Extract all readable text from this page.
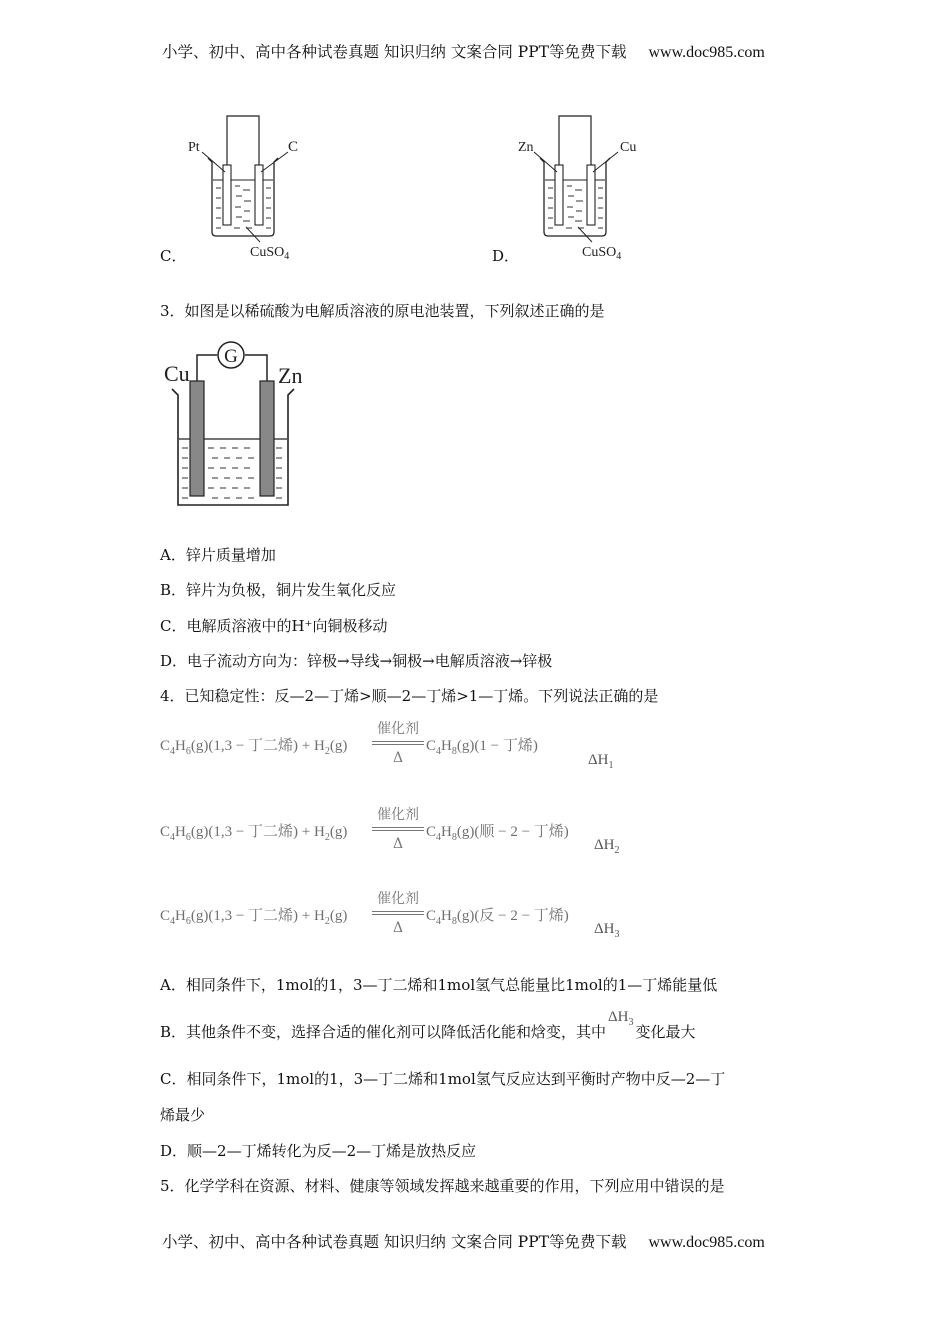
小学、初中、高中各种试卷真题 知识归纳 文案合同 PPT等免费下载 www.doc985.com
Pt	C
CuSO$_4$
C．
Zn	Cu
CuSO$_4$
D．
3．如图是以稀硫酸为电解质溶液的原电池装置，下列叙述正确的是
G
Cu	Zn
A．锌片质量增加
B．锌片为负极，铜片发生氧化反应
C．电解质溶液中的H⁺向铜极移动
D．电子流动方向为：锌极→导线→铜极→电解质溶液→锌极
4．已知稳定性：反—2—丁烯>顺—2—丁烯>1—丁烯。下列说法正确的是
$C_4H_6(g)(1,3$ − 丁二烯) + $H_2(g)$
催化剂
Δ
$C_4H_8(g)(1$ − 丁烯)
$\Delta H_1$
$C_4H_6(g)(1,3$ − 丁二烯) + $H_2(g)$
催化剂
Δ
$C_4H_8(g)$(顺 − 2 − 丁烯)
$\Delta H_2$
$C_4H_6(g)(1,3$ − 丁二烯) + $H_2(g)$
催化剂
Δ
$C_4H_8(g)$(反 − 2 − 丁烯)
$\Delta H_3$
A．相同条件下，1mol的1，3—丁二烯和1mol氢气总能量比1mol的1—丁烯能量低
B．其他条件不变，选择合适的催化剂可以降低活化能和焓变，其中$\Delta H_3$变化最大
C．相同条件下，1mol的1，3—丁二烯和1mol氢气反应达到平衡时产物中反—2—丁
烯最少
D．顺—2—丁烯转化为反—2—丁烯是放热反应
5．化学学科在资源、材料、健康等领域发挥越来越重要的作用，下列应用中错误的是
小学、初中、高中各种试卷真题 知识归纳 文案合同 PPT等免费下载 www.doc985.com
